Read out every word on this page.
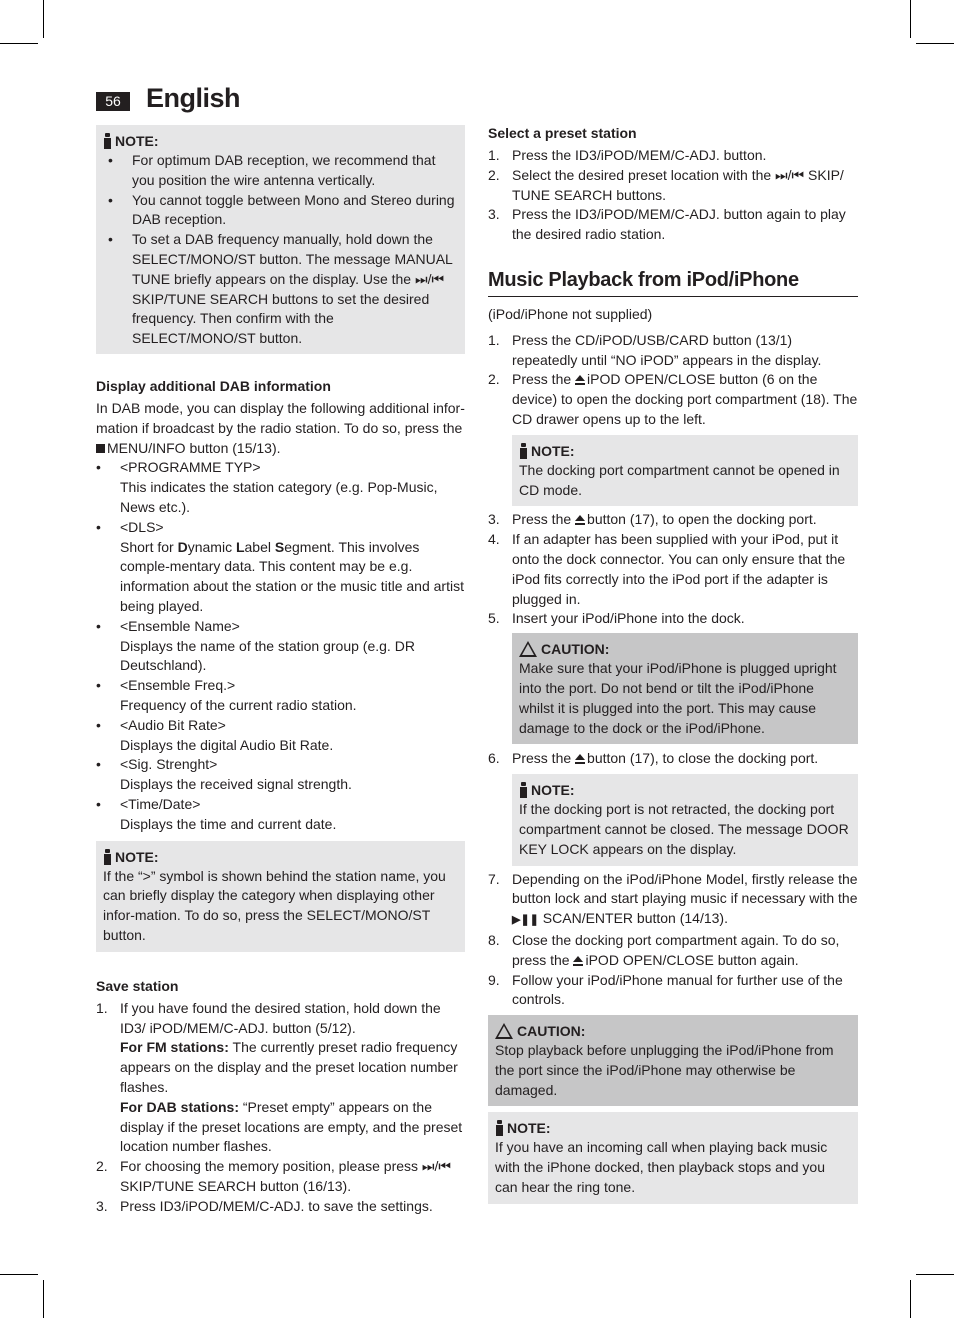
56 English
NOTE:
• For optimum DAB reception, we recommend that you position the wire antenna vertically.
• You cannot toggle between Mono and Stereo during DAB reception.
• To set a DAB frequency manually, hold down the SELECT/MONO/ST button. The message MANUAL TUNE briefly appears on the display. Use the ⏭/⏮ SKIP/TUNE SEARCH buttons to set the desired frequency. Then confirm with the SELECT/MONO/ST button.
Display additional DAB information
In DAB mode, you can display the following additional infor-mation if broadcast by the radio station. To do so, press the
MENU/INFO button (15/13).
• <PROGRAMME TYP>
This indicates the station category (e.g. Pop-Music, News etc.).
• <DLS>
Short for Dynamic Label Segment. This involves comple-mentary data. This content may be e.g. information about the station or the music title and artist being played.
• <Ensemble Name>
Displays the name of the station group (e.g. DR Deutschland).
• <Ensemble Freq.>
Frequency of the current radio station.
• <Audio Bit Rate>
Displays the digital Audio Bit Rate.
• <Sig. Strenght>
Displays the received signal strength.
• <Time/Date>
Displays the time and current date.
NOTE:
If the “>” symbol is shown behind the station name, you can briefly display the category when displaying other infor-mation. To do so, press the SELECT/MONO/ST button.
Save station
1. If you have found the desired station, hold down the ID3/ iPOD/MEM/C-ADJ. button (5/12).
For FM stations: The currently preset radio frequency appears on the display and the preset location number flashes.
For DAB stations: “Preset empty” appears on the display if the preset locations are empty, and the preset location number flashes.
2. For choosing the memory position, please press ⏭/⏮ SKIP/TUNE SEARCH button (16/13).
3. Press ID3/iPOD/MEM/C-ADJ. to save the settings.
Select a preset station
1. Press the ID3/iPOD/MEM/C-ADJ. button.
2. Select the desired preset location with the ⏭/⏮ SKIP/ TUNE SEARCH buttons.
3. Press the ID3/iPOD/MEM/C-ADJ. button again to play the desired radio station.
Music Playback from iPod/iPhone
(iPod/iPhone not supplied)
1. Press the CD/iPOD/USB/CARD button (13/1) repeatedly until “NO iPOD” appears in the display.
2. Press the iPOD OPEN/CLOSE button (6 on the device) to open the docking port compartment (18). The CD drawer opens up to the left.
NOTE:
The docking port compartment cannot be opened in CD mode.
3. Press the button (17), to open the docking port.
4. If an adapter has been supplied with your iPod, put it onto the dock connector. You can only ensure that the iPod fits correctly into the iPod port if the adapter is plugged in.
5. Insert your iPod/iPhone into the dock.
CAUTION:
Make sure that your iPod/iPhone is plugged upright into the port. Do not bend or tilt the iPod/iPhone whilst it is plugged into the port. This may cause damage to the dock or the iPod/iPhone.
6. Press the button (17), to close the docking port.
NOTE:
If the docking port is not retracted, the docking port compartment cannot be closed. The message DOOR KEY LOCK appears on the display.
7. Depending on the iPod/iPhone Model, firstly release the button lock and start playing music if necessary with the
▶❚❚ SCAN/ENTER button (14/13).
8. Close the docking port compartment again. To do so, press the iPOD OPEN/CLOSE button again.
9. Follow your iPod/iPhone manual for further use of the controls.
CAUTION:
Stop playback before unplugging the iPod/iPhone from the port since the iPod/iPhone may otherwise be damaged.
NOTE:
If you have an incoming call when playing back music with the iPhone docked, then playback stops and you can hear the ring tone.
